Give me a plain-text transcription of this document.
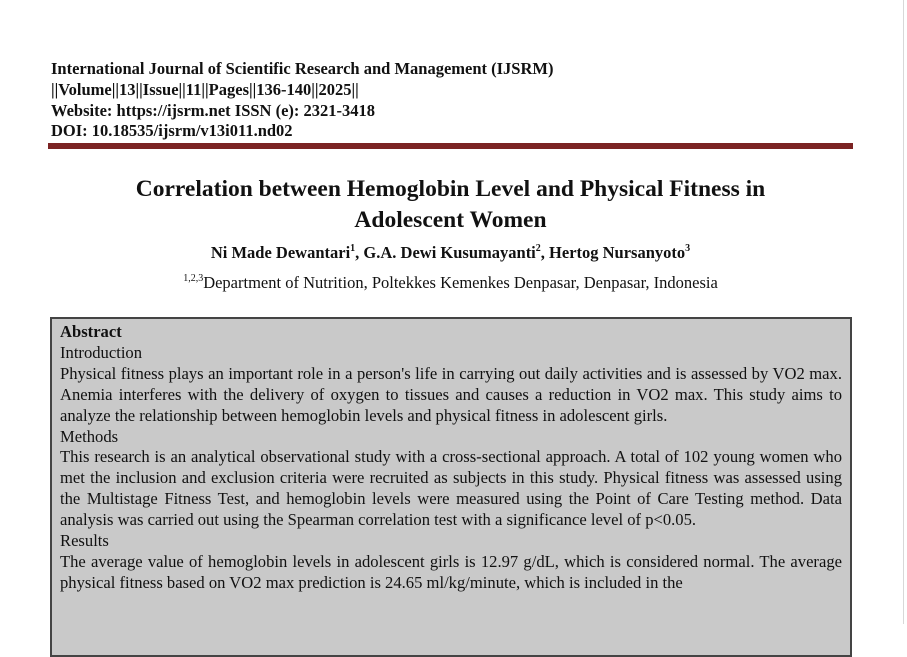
International Journal of Scientific Research and Management (IJSRM)
||Volume||13||Issue||11||Pages||136-140||2025||
Website: https://ijsrm.net ISSN (e): 2321-3418
DOI: 10.18535/ijsrm/v13i011.nd02
Correlation between Hemoglobin Level and Physical Fitness in
Adolescent Women
Ni Made Dewantari$^1$, G.A. Dewi Kusumayanti$^2$, Hertog Nursanyoto$^3$
$^{1,2,3}$Department of Nutrition, Poltekkes Kemenkes Denpasar, Denpasar, Indonesia
Abstract
Introduction

Physical fitness plays an important role in a person's life in carrying out daily activities and is assessed by VO2 max. Anemia interferes with the delivery of oxygen to tissues and causes a reduction in VO2 max. This study aims to analyze the relationship between hemoglobin levels and physical fitness in adolescent girls.

Methods

This research is an analytical observational study with a cross-sectional approach. A total of 102 young women who met the inclusion and exclusion criteria were recruited as subjects in this study. Physical fitness was assessed using the Multistage Fitness Test, and hemoglobin levels were measured using the Point of Care Testing method. Data analysis was carried out using the Spearman correlation test with a significance level of p<0.05.

Results

The average value of hemoglobin levels in adolescent girls is 12.97 g/dL, which is considered normal. The average physical fitness based on VO2 max prediction is 24.65 ml/kg/minute, which is included in the
